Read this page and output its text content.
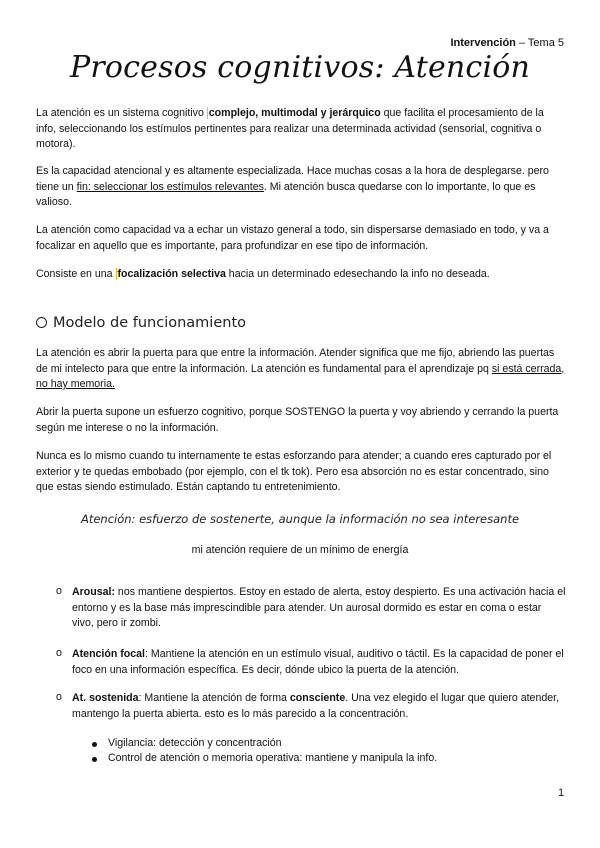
Intervención – Tema 5
Procesos cognitivos: Atención
La atención es un sistema cognitivo complejo, multimodal y jerárquico que facilita el procesamiento de la info, seleccionando los estímulos pertinentes para realizar una determinada actividad (sensorial, cognitiva o motora).
Es la capacidad atencional y es altamente especializada. Hace muchas cosas a la hora de desplegarse. pero tiene un fin: seleccionar los estímulos relevantes. Mi atención busca quedarse con lo importante, lo que es valioso.
La atención como capacidad va a echar un vistazo general a todo, sin dispersarse demasiado en todo, y va a focalizar en aquello que es importante, para profundizar en ese tipo de información.
Consiste en una focalización selectiva hacia un determinado edesechando la info no deseada.
Modelo de funcionamiento
La atención es abrir la puerta para que entre la información. Atender significa que me fijo, abriendo las puertas de mi intelecto para que entre la información. La atención es fundamental para el aprendizaje pq si está cerrada, no hay memoria.
Abrir la puerta supone un esfuerzo cognitivo, porque SOSTENGO la puerta y voy abriendo y cerrando la puerta según me interese o no la información.
Nunca es lo mismo cuando tu internamente te estas esforzando para atender; a cuando eres capturado por el exterior y te quedas embobado (por ejemplo, con el tk tok). Pero esa absorción no es estar concentrado, sino que estas siendo estimulado. Están captando tu entretenimiento.
Atención: esfuerzo de sostenerte, aunque la información no sea interesante
mi atención requiere de un mínimo de energía
o Arousal: nos mantiene despiertos. Estoy en estado de alerta, estoy despierto. Es una activación hacia el entorno y es la base más imprescindible para atender. Un aurosal dormido es estar en coma o estar vivo, pero ir zombi.
o Atención focal: Mantiene la atención en un estímulo visual, auditivo o táctil. Es la capacidad de poner el foco en una información específica. Es decir, dónde ubico la puerta de la atención.
o At. sostenida: Mantiene la atención de forma consciente. Una vez elegido el lugar que quiero atender, mantengo la puerta abierta. esto es lo más parecido a la concentración.
Vigilancia: detección y concentración
Control de atención o memoria operativa: mantiene y manipula la info.
1
